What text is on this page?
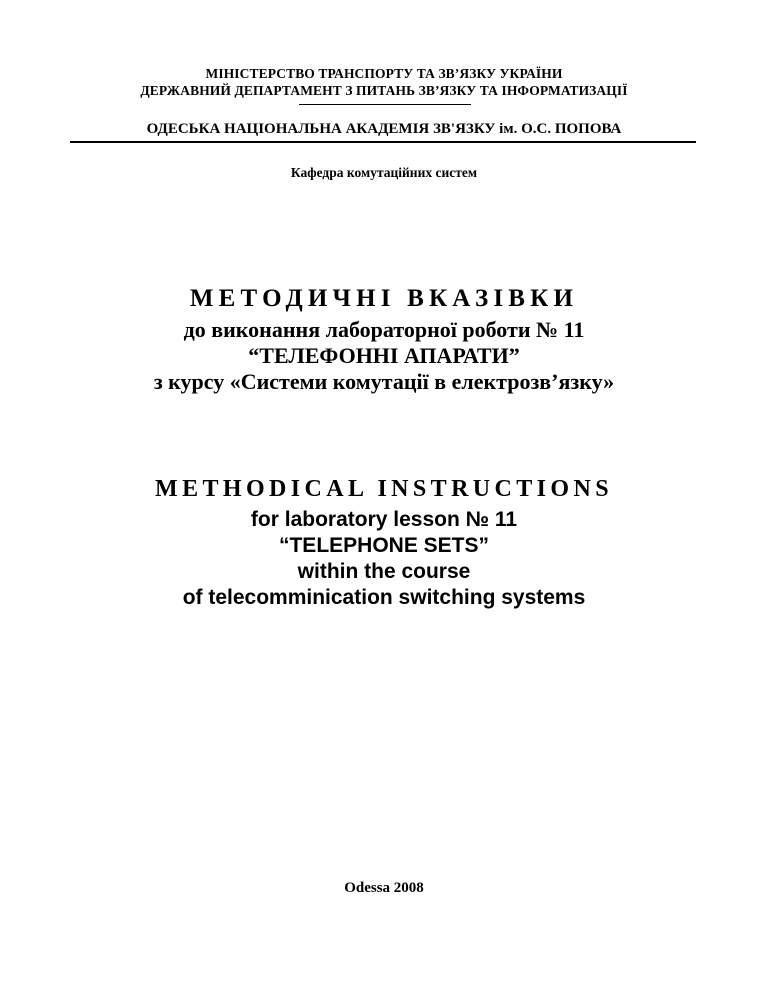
МІНІСТЕРСТВО ТРАНСПОРТУ ТА ЗВ’ЯЗКУ УКРАЇНИ
ДЕРЖАВНИЙ ДЕПАРТАМЕНТ З ПИТАНЬ ЗВ’ЯЗКУ ТА ІНФОРМАТИЗАЦІЇ
ОДЕСЬКА НАЦІОНАЛЬНА АКАДЕМІЯ ЗВ'ЯЗКУ ім. О.С. ПОПОВА
Кафедра комутаційних систем
МЕТОДИЧНІ ВКАЗІВКИ
до виконання лабораторної роботи № 11
“ТЕЛЕФОННІ АПАРАТИ”
з курсу «Системи комутації в електрозв’язку»
METHODICAL INSTRUCTIONS
for laboratory lesson № 11
“TELEPHONE SETS”
within the course
of telecomminication switching systems
Odessa 2008
